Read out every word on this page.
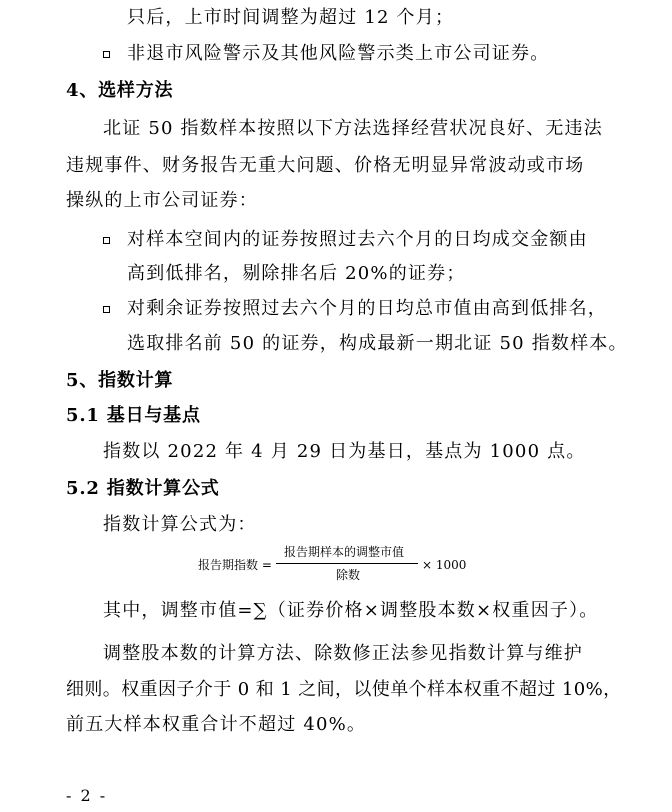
只后，上市时间调整为超过 12 个月；
非退市风险警示及其他风险警示类上市公司证券。
4、选样方法
北证 50 指数样本按照以下方法选择经营状况良好、无违法
违规事件、财务报告无重大问题、价格无明显异常波动或市场
操纵的上市公司证券：
对样本空间内的证券按照过去六个月的日均成交金额由
高到低排名，剔除排名后 20%的证券；
对剩余证券按照过去六个月的日均总市值由高到低排名，
选取排名前 50 的证券，构成最新一期北证 50 指数样本。
5、指数计算
5.1 基日与基点
指数以 2022 年 4 月 29 日为基日，基点为 1000 点。
5.2 指数计算公式
指数计算公式为：
报告期指数 =
报告期样本的调整市值
除数
× 1000
其中，调整市值=∑（证券价格×调整股本数×权重因子）。
调整股本数的计算方法、除数修正法参见指数计算与维护
细则。权重因子介于 0 和 1 之间，以使单个样本权重不超过 10%，
前五大样本权重合计不超过 40%。
- 2 -
